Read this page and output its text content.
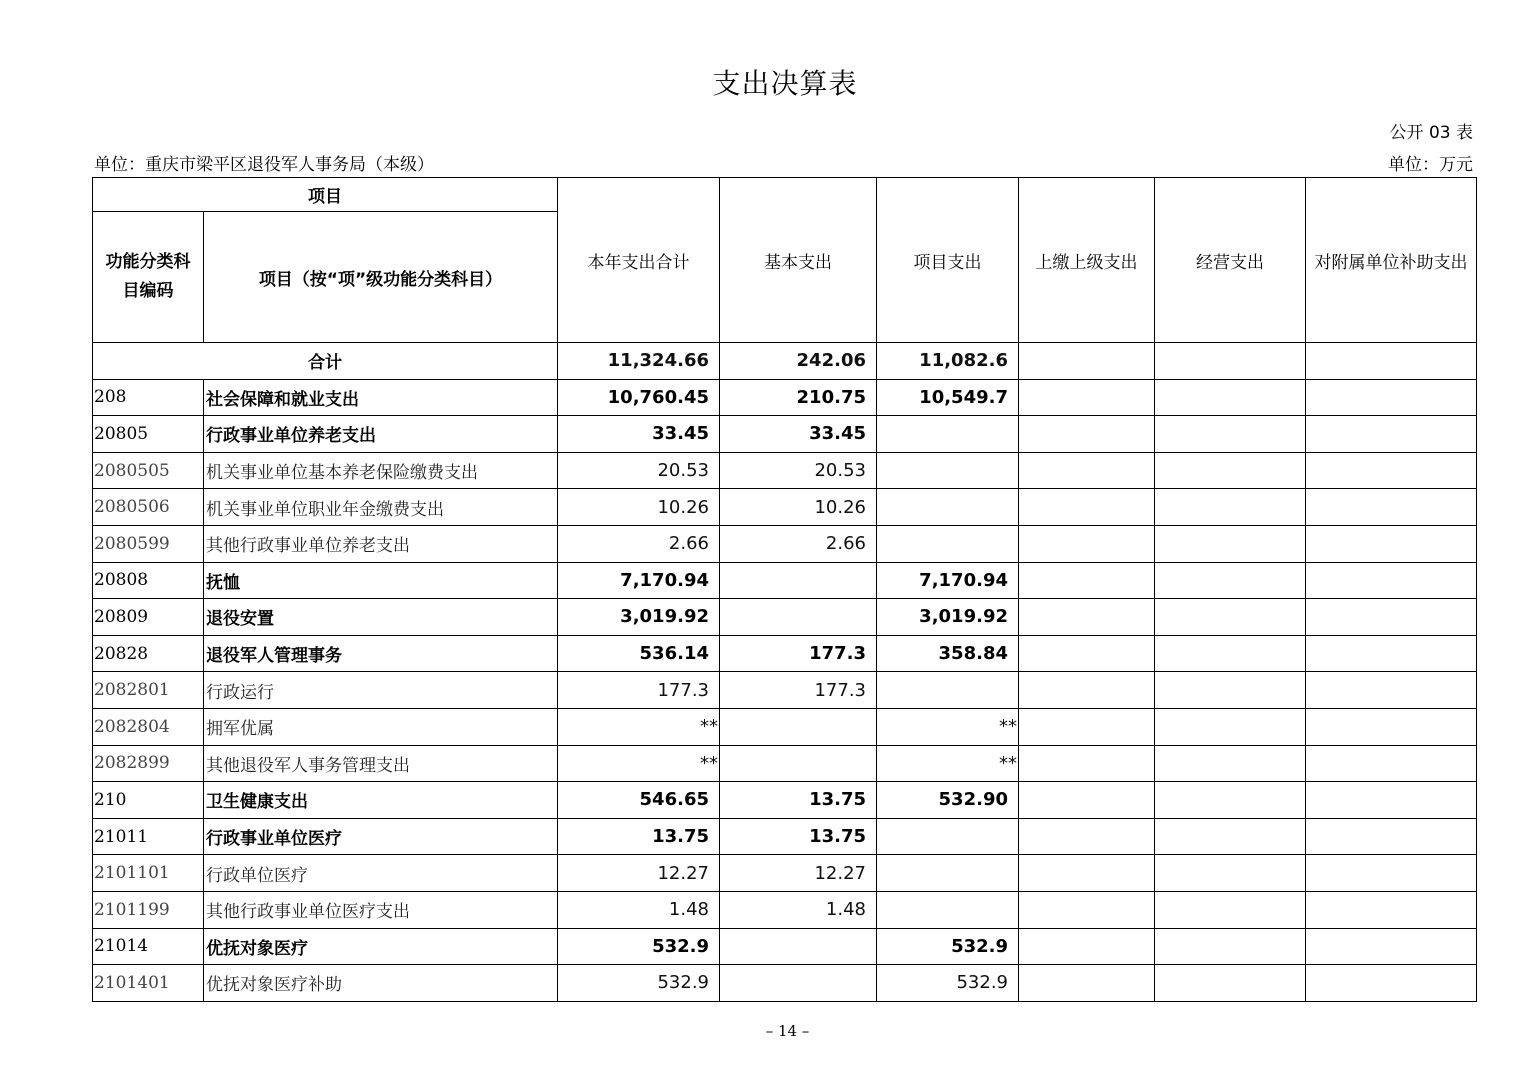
支出决算表
公开 03 表
单位：重庆市梁平区退役军人事务局（本级）	单位：万元
项目		本年支出合计	基本支出	项目支出	上缴上级支出	经营支出	对附属单位补助支出
功能分类科目编码	项目（按“项”级功能分类科目）						
合计		11,324.66	242.06	11,082.6			
208	社会保障和就业支出	10,760.45	210.75	10,549.7			
20805	行政事业单位养老支出	33.45	33.45				
2080505	机关事业单位基本养老保险缴费支出	20.53	20.53				
2080506	机关事业单位职业年金缴费支出	10.26	10.26				
2080599	其他行政事业单位养老支出	2.66	2.66				
20808	抚恤	7,170.94		7,170.94			
20809	退役安置	3,019.92		3,019.92			
20828	退役军人管理事务	536.14	177.3	358.84			
2082801	行政运行	177.3	177.3				
2082804	拥军优属	**		**			
2082899	其他退役军人事务管理支出	**		**			
210	卫生健康支出	546.65	13.75	532.90			
21011	行政事业单位医疗	13.75	13.75				
2101101	行政单位医疗	12.27	12.27				
2101199	其他行政事业单位医疗支出	1.48	1.48				
21014	优抚对象医疗	532.9		532.9			
2101401	优抚对象医疗补助	532.9		532.9			
– 14 –
